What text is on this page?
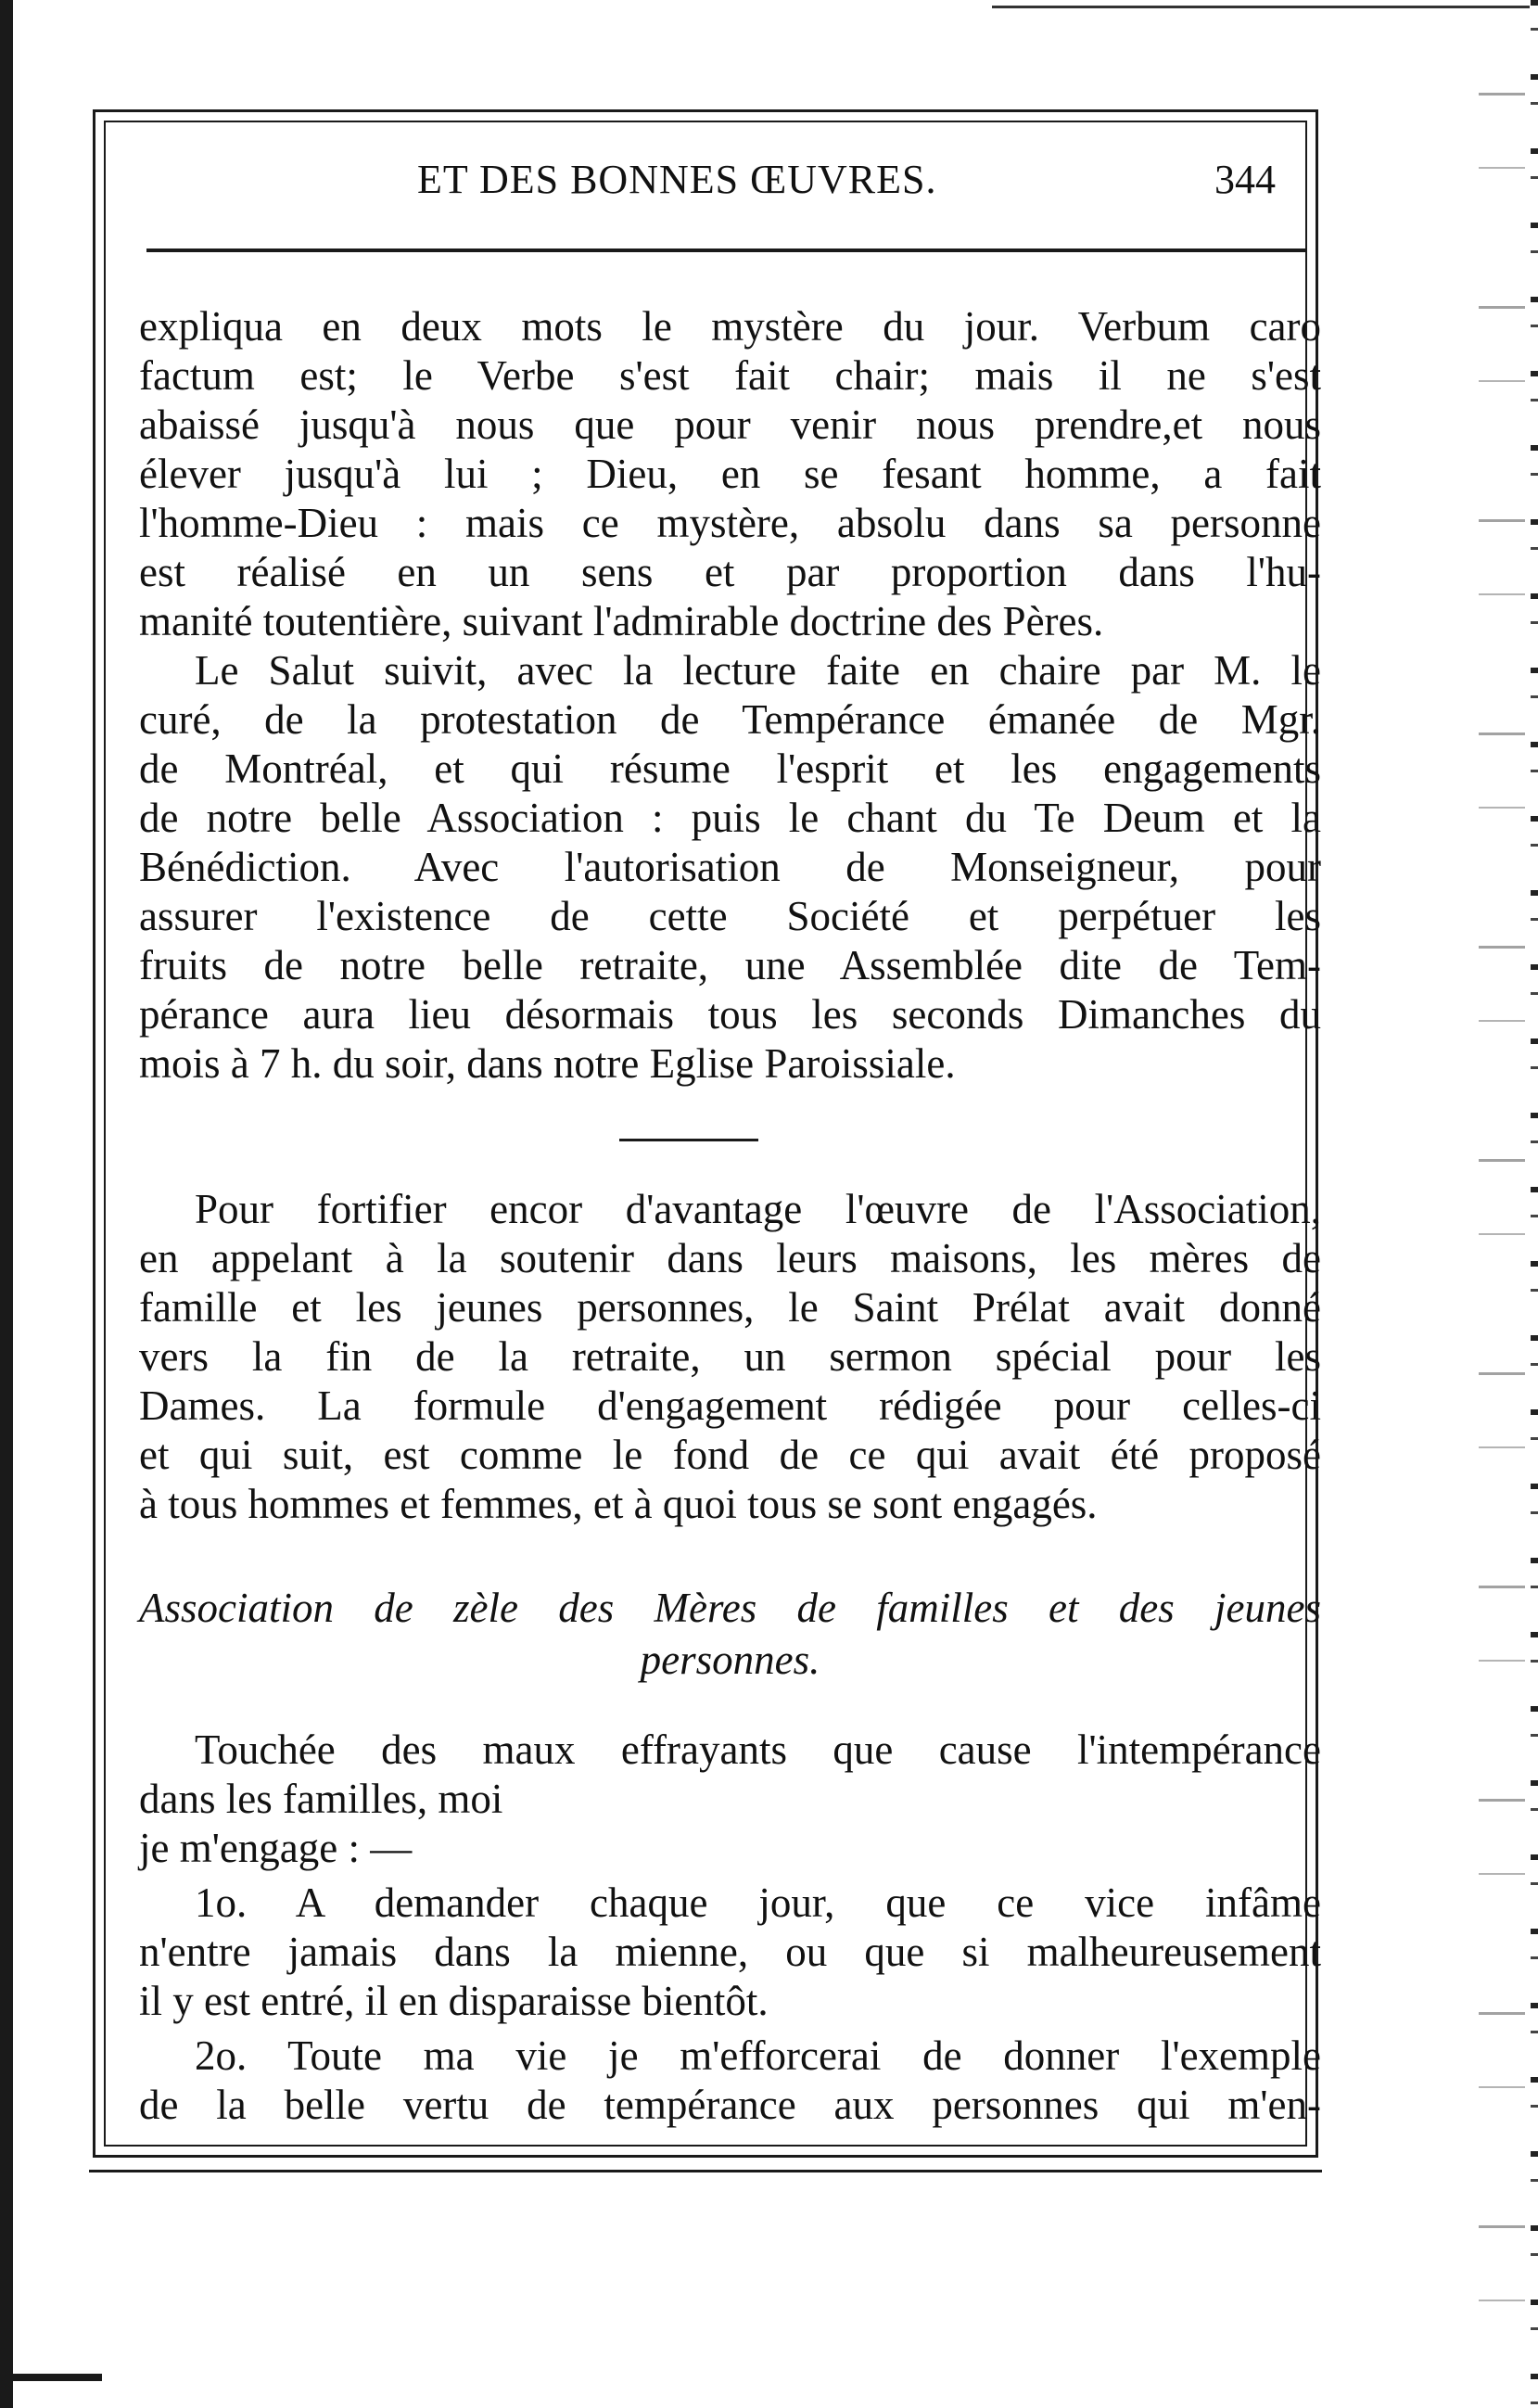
ET DES BONNES ŒUVRES.	344
expliqua en deux mots le mystère du jour. Verbum caro
factum est; le Verbe s'est fait chair; mais il ne s'est
abaissé jusqu'à nous que pour venir nous prendre,et nous
élever jusqu'à lui ; Dieu, en se fesant homme, a fait
l'homme-Dieu : mais ce mystère, absolu dans sa personne
est réalisé en un sens et par proportion dans l'hu-
manité toutentière, suivant l'admirable doctrine des Pères.
Le Salut suivit, avec la lecture faite en chaire par M. le
curé, de la protestation de Tempérance émanée de Mgr.
de Montréal, et qui résume l'esprit et les engagements
de notre belle Association : puis le chant du Te Deum et la
Bénédiction. Avec l'autorisation de Monseigneur, pour
assurer l'existence de cette Société et perpétuer les
fruits de notre belle retraite, une Assemblée dite de Tem-
pérance aura lieu désormais tous les seconds Dimanches du
mois à 7 h. du soir, dans notre Eglise Paroissiale.
Pour fortifier encor d'avantage l'œuvre de l'Association,
en appelant à la soutenir dans leurs maisons, les mères de
famille et les jeunes personnes, le Saint Prélat avait donné
vers la fin de la retraite, un sermon spécial pour les
Dames. La formule d'engagement rédigée pour celles-ci
et qui suit, est comme le fond de ce qui avait été proposé
à tous hommes et femmes, et à quoi tous se sont engagés.
Association de zèle des Mères de familles et des jeunes
personnes.
Touchée des maux effrayants que cause l'intempérance
dans les familles, moi
je m'engage : —
1o. A demander chaque jour, que ce vice infâme
n'entre jamais dans la mienne, ou que si malheureusement
il y est entré, il en disparaisse bientôt.
2o. Toute ma vie je m'efforcerai de donner l'exemple
de la belle vertu de tempérance aux personnes qui m'en-
